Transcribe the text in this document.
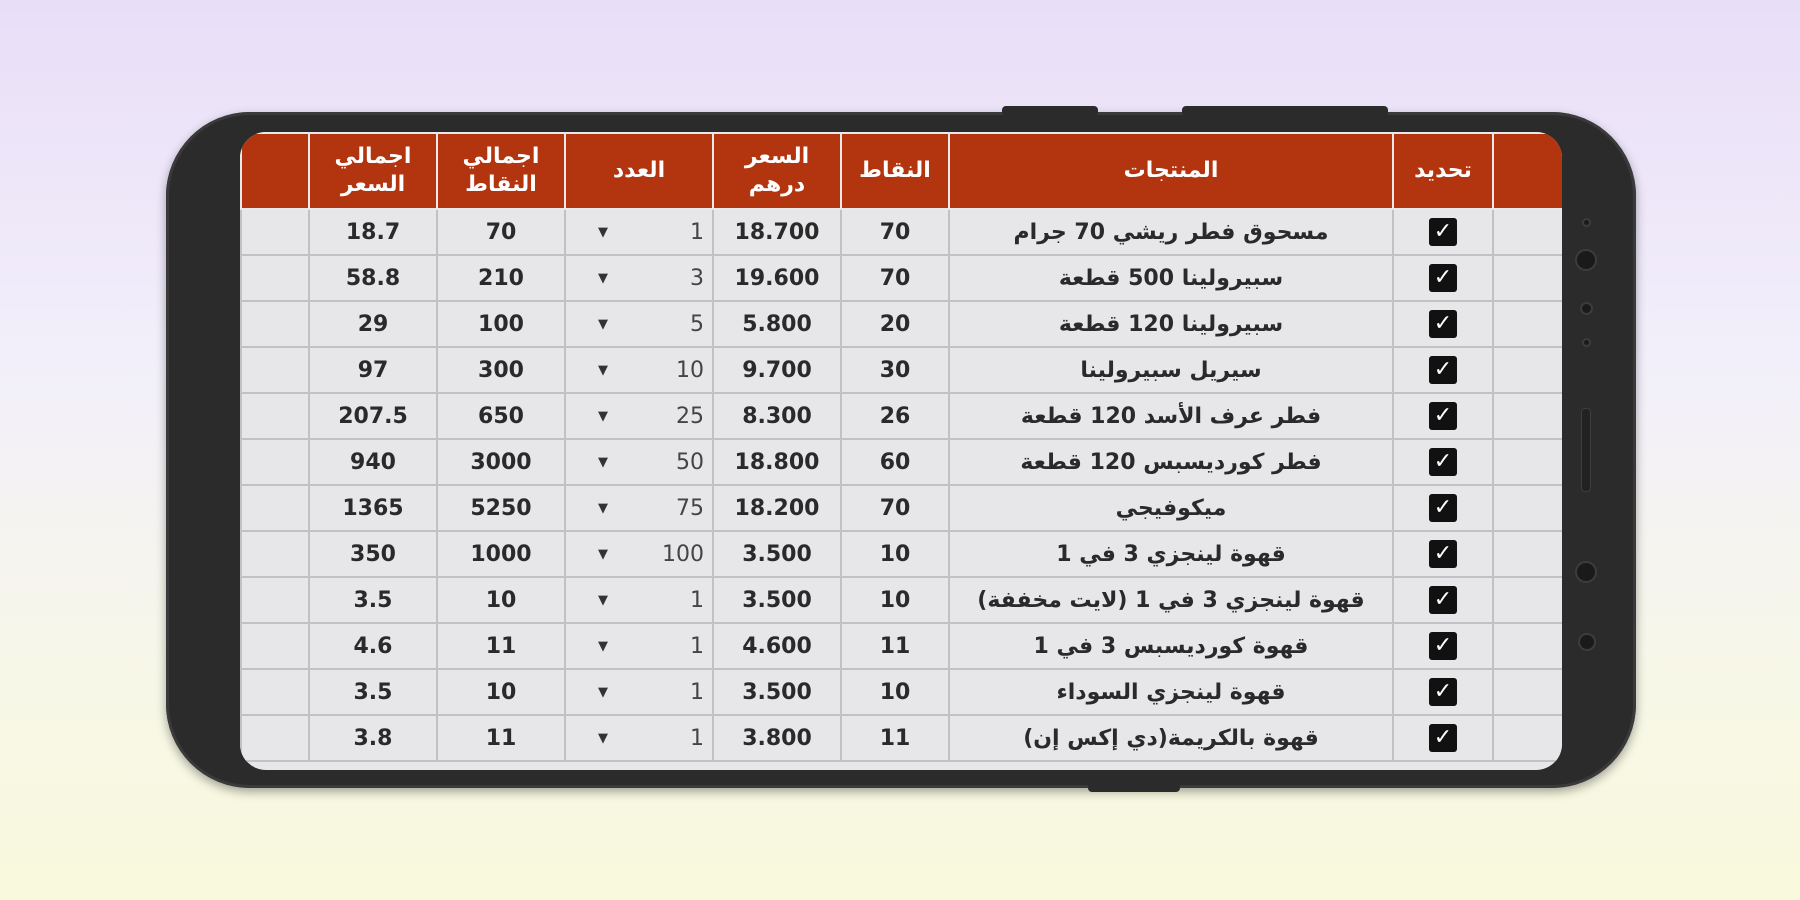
	اجمالي السعر	اجمالي النقاط	العدد	السعر درهم	النقاط	المنتجات	تحديد	
	18.7	70	▼ 1	18.700	70	مسحوق فطر ريشي 70 جرام	✓	
	58.8	210	▼ 3	19.600	70	سبيرولينا 500 قطعة	✓	
	29	100	▼ 5	5.800	20	سبيرولينا 120 قطعة	✓	
	97	300	▼ 10	9.700	30	سيريل سبيرولينا	✓	
	207.5	650	▼ 25	8.300	26	فطر عرف الأسد 120 قطعة	✓	
	940	3000	▼ 50	18.800	60	فطر كورديسبس 120 قطعة	✓	
	1365	5250	▼ 75	18.200	70	ميكوفيجي	✓	
	350	1000	▼ 100	3.500	10	قهوة لينجزي 3 في 1	✓	
	3.5	10	▼ 1	3.500	10	قهوة لينجزي 3 في 1 (لايت مخففة)	✓	
	4.6	11	▼ 1	4.600	11	قهوة كورديسبس 3 في 1	✓	
	3.5	10	▼ 1	3.500	10	قهوة لينجزي السوداء	✓	
	3.8	11	▼ 1	3.800	11	قهوة بالكريمة(دي إكس إن)	✓	
